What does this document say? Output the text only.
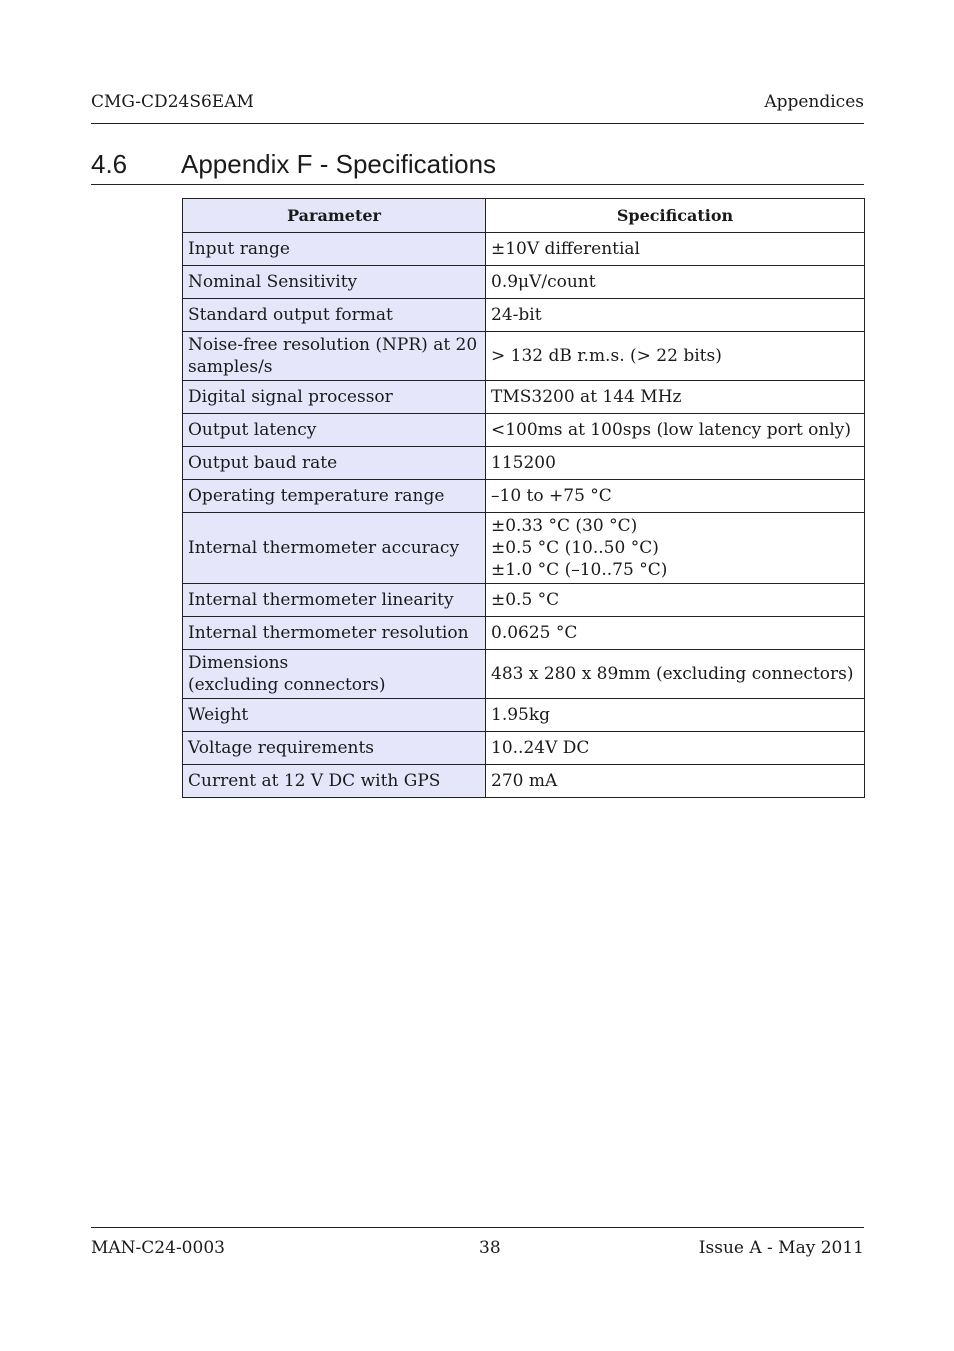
CMG-CD24S6EAM	Appendices
4.6	Appendix F - Specifications
Parameter	Specification

Input range	±10V differential

Nominal Sensitivity	0.9μV/count

Standard output format	24-bit

Noise-free resolution (NPR) at 20
samples/s	> 132 dB r.m.s. (> 22 bits)

Digital signal processor	TMS3200 at 144 MHz

Output latency	<100ms at 100sps (low latency port only)

Output baud rate	115200

Operating temperature range	–10 to +75 °C

Internal thermometer accuracy	±0.33 °C (30 °C)
±0.5 °C (10..50 °C)
±1.0 °C (–10..75 °C)

Internal thermometer linearity	±0.5 °C

Internal thermometer resolution	0.0625 °C

Dimensions
(excluding connectors)	483 x 280 x 89mm (excluding connectors)

Weight	1.95kg

Voltage requirements	10..24V DC

Current at 12 V DC with GPS	270 mA
MAN-C24-0003	38	Issue A - May 2011
